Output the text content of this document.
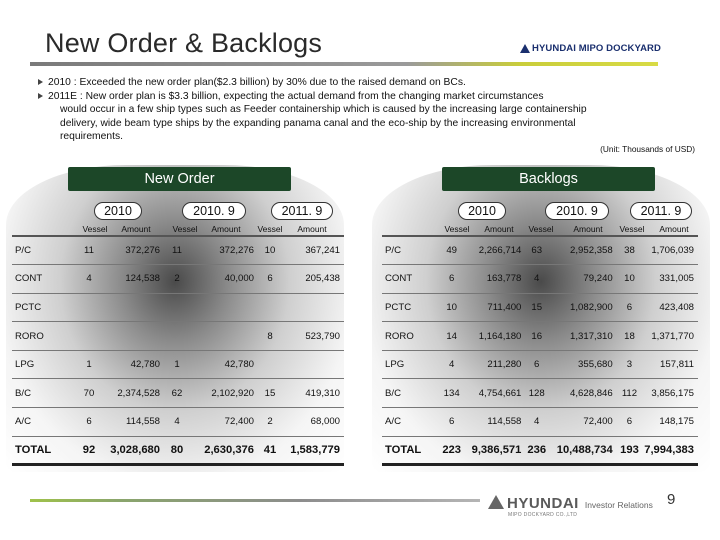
New Order & Backlogs	HYUNDAI MIPO DOCKYARD
2010 : Exceeded the new order plan($2.3 billion) by 30% due to the raised demand on BCs.
2011E : New order plan is $3.3 billion, expecting the actual demand from the changing market circumstances
would occur in a few ship types such as Feeder containership which is caused by the increasing large containership
delivery, wide beam type ships by the expanding panama canal and the eco-ship by the increasing environmental
requirements.
(Unit: Thousands of USD)
New Order	Backlogs
2010	2010. 9	2011. 9	2010	2010. 9	2011. 9
Vessel	Amount	Vessel	Amount	Vessel	Amount	Vessel	Amount	Vessel	Amount	Vessel	Amount
P/C	11	372,276	11	372,276	10	367,241
CONT	4	124,538	2	40,000	6	205,438
PCTC						
RORO					8	523,790
LPG	1	42,780	1	42,780		
B/C	70	2,374,528	62	2,102,920	15	419,310
A/C	6	114,558	4	72,400	2	68,000
TOTAL	92	3,028,680	80	2,630,376	41	1,583,779
P/C	49	2,266,714	63	2,952,358	38	1,706,039
CONT	6	163,778	4	79,240	10	331,005
PCTC	10	711,400	15	1,082,900	6	423,408
RORO	14	1,164,180	16	1,317,310	18	1,371,770
LPG	4	211,280	6	355,680	3	157,811
B/C	134	4,754,661	128	4,628,846	112	3,856,175
A/C	6	114,558	4	72,400	6	148,175
TOTAL	223	9,386,571	236	10,488,734	193	7,994,383
HYUNDAI
MIPO DOCKYARD CO.,LTD
Investor Relations 9
